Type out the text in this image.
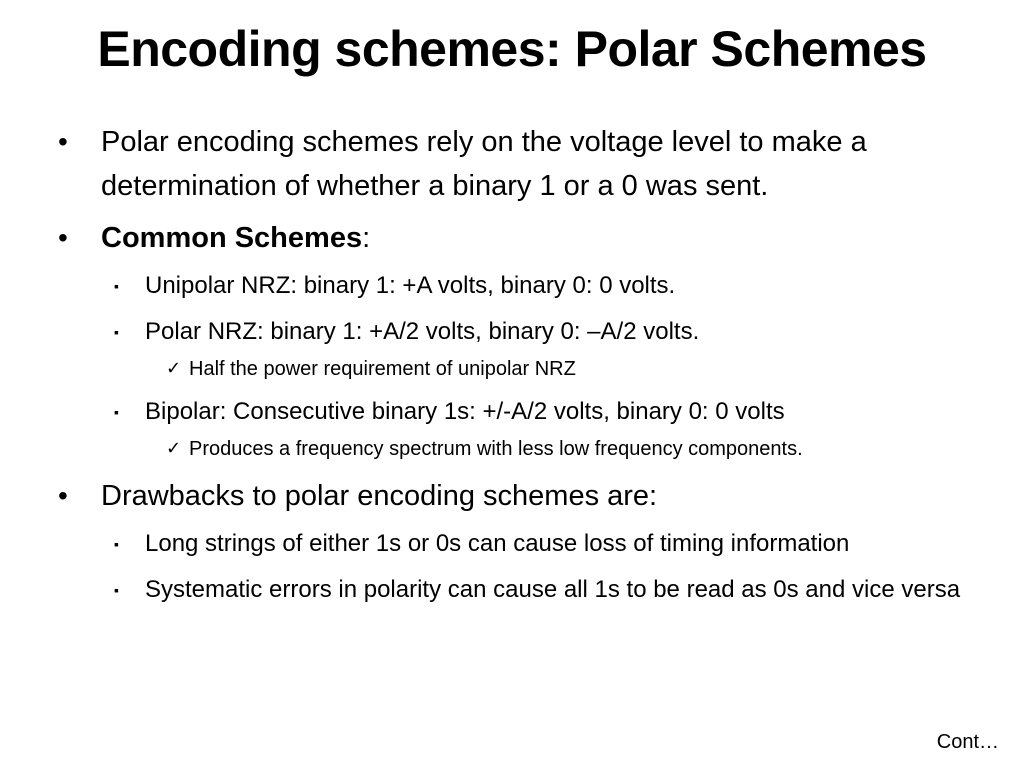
Encoding schemes: Polar Schemes
•	Polar encoding schemes rely on the voltage level to make a determination of whether a binary 1 or a 0 was sent.
•	Common Schemes:
▪ Unipolar NRZ: binary 1: +A volts, binary 0: 0 volts.
▪ Polar NRZ: binary 1: +A/2 volts, binary 0: –A/2 volts.
✓ Half the power requirement of unipolar NRZ
▪ Bipolar: Consecutive binary 1s: +/-A/2 volts, binary 0: 0 volts
✓ Produces a frequency spectrum with less low frequency components.
•	Drawbacks to polar encoding schemes are:
▪ Long strings of either 1s or 0s can cause loss of timing information
▪ Systematic errors in polarity can cause all 1s to be read as 0s and vice versa
Cont…
